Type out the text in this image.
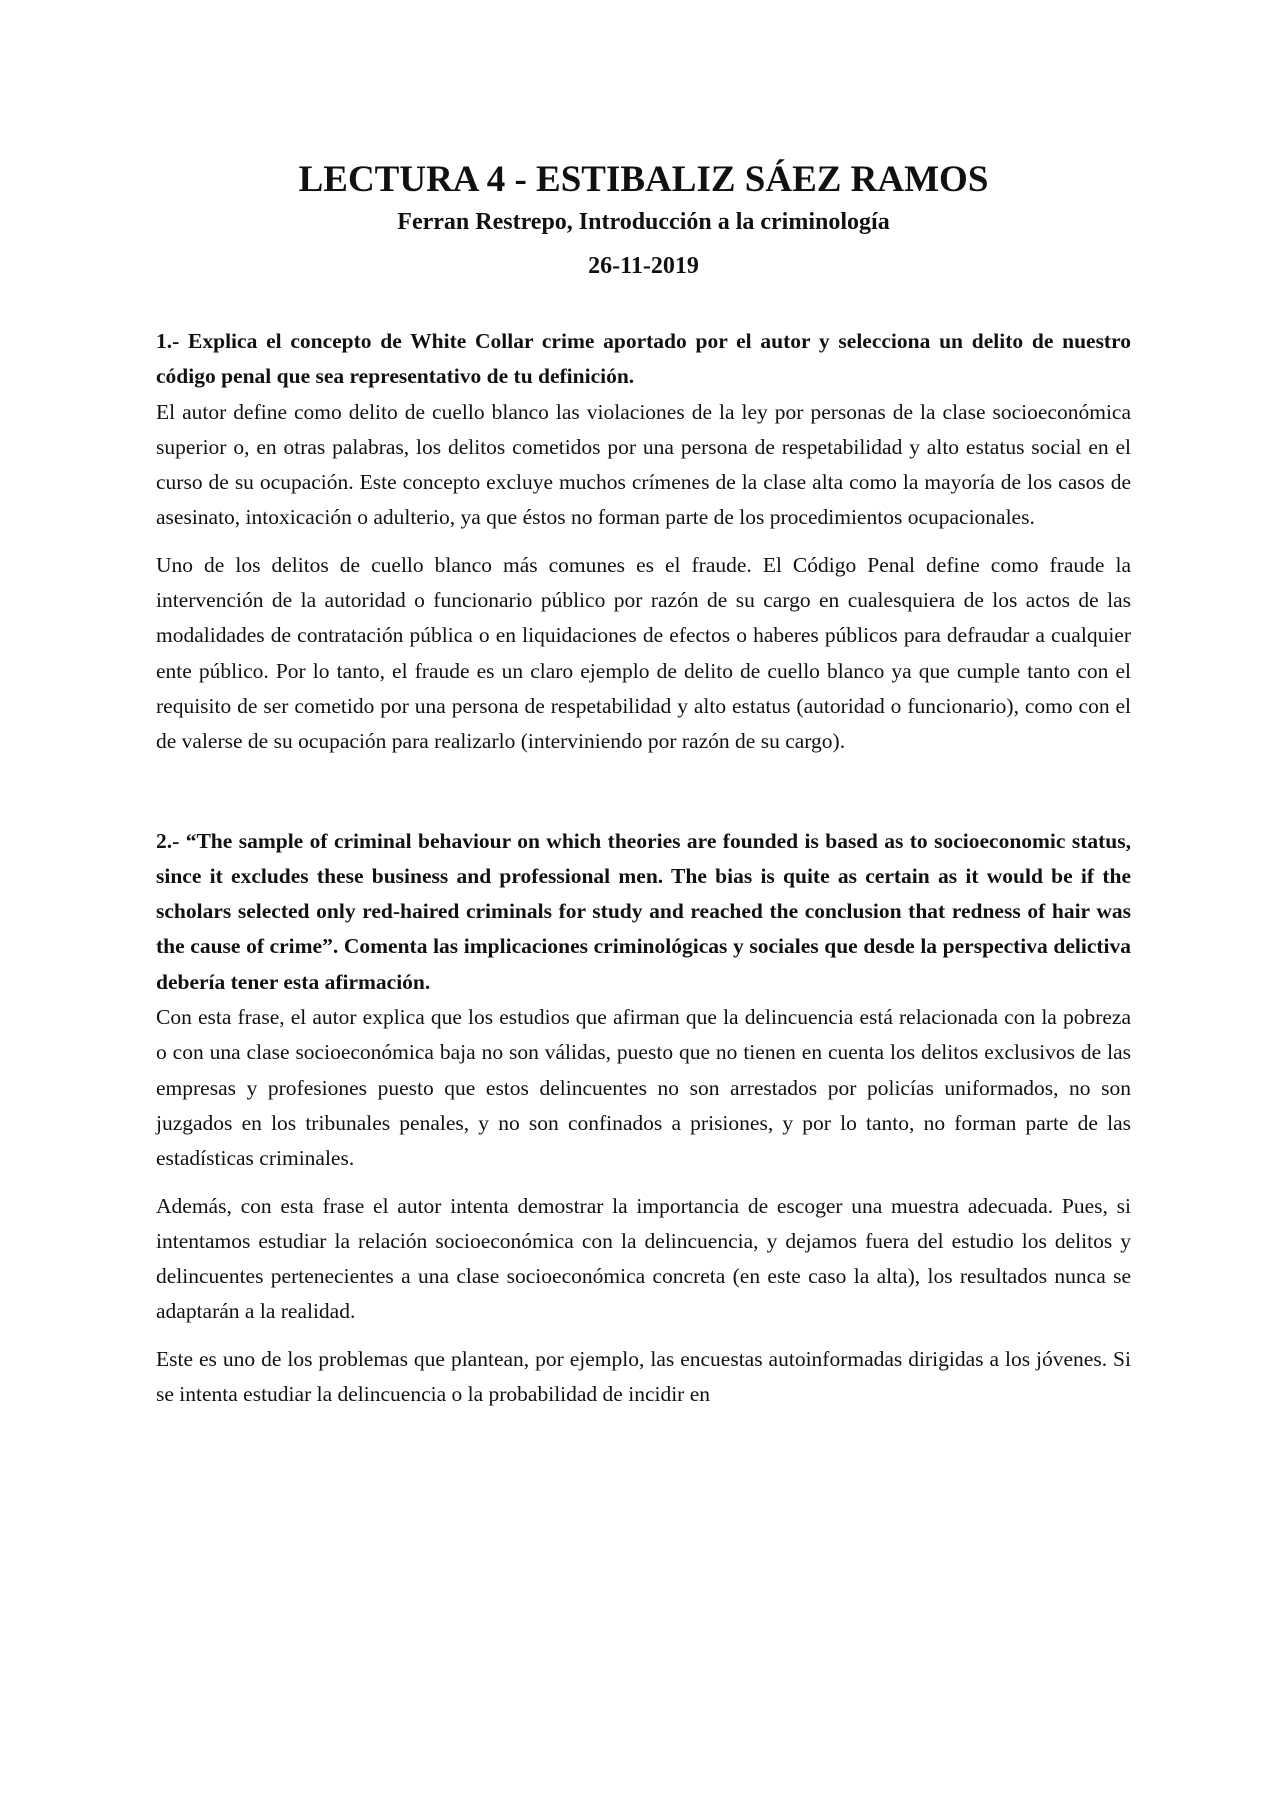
LECTURA 4 - ESTIBALIZ SÁEZ RAMOS
Ferran Restrepo, Introducción a la criminología
26-11-2019

1.- Explica el concepto de White Collar crime aportado por el autor y selecciona un delito de nuestro código penal que sea representativo de tu definición.

El autor define como delito de cuello blanco las violaciones de la ley por personas de la clase socioeconómica superior o, en otras palabras, los delitos cometidos por una persona de respetabilidad y alto estatus social en el curso de su ocupación. Este concepto excluye muchos crímenes de la clase alta como la mayoría de los casos de asesinato, intoxicación o adulterio, ya que éstos no forman parte de los procedimientos ocupacionales.

Uno de los delitos de cuello blanco más comunes es el fraude. El Código Penal define como fraude la intervención de la autoridad o funcionario público por razón de su cargo en cualesquiera de los actos de las modalidades de contratación pública o en liquidaciones de efectos o haberes públicos para defraudar a cualquier ente público. Por lo tanto, el fraude es un claro ejemplo de delito de cuello blanco ya que cumple tanto con el requisito de ser cometido por una persona de respetabilidad y alto estatus (autoridad o funcionario), como con el de valerse de su ocupación para realizarlo (interviniendo por razón de su cargo).

2.- “The sample of criminal behaviour on which theories are founded is based as to socioeconomic status, since it excludes these business and professional men. The bias is quite as certain as it would be if the scholars selected only red-haired criminals for study and reached the conclusion that redness of hair was the cause of crime”. Comenta las implicaciones criminológicas y sociales que desde la perspectiva delictiva debería tener esta afirmación.

Con esta frase, el autor explica que los estudios que afirman que la delincuencia está relacionada con la pobreza o con una clase socioeconómica baja no son válidas, puesto que no tienen en cuenta los delitos exclusivos de las empresas y profesiones puesto que estos delincuentes no son arrestados por policías uniformados, no son juzgados en los tribunales penales, y no son confinados a prisiones, y por lo tanto, no forman parte de las estadísticas criminales.

Además, con esta frase el autor intenta demostrar la importancia de escoger una muestra adecuada. Pues, si intentamos estudiar la relación socioeconómica con la delincuencia, y dejamos fuera del estudio los delitos y delincuentes pertenecientes a una clase socioeconómica concreta (en este caso la alta), los resultados nunca se adaptarán a la realidad.

Este es uno de los problemas que plantean, por ejemplo, las encuestas autoinformadas dirigidas a los jóvenes. Si se intenta estudiar la delincuencia o la probabilidad de incidir en
